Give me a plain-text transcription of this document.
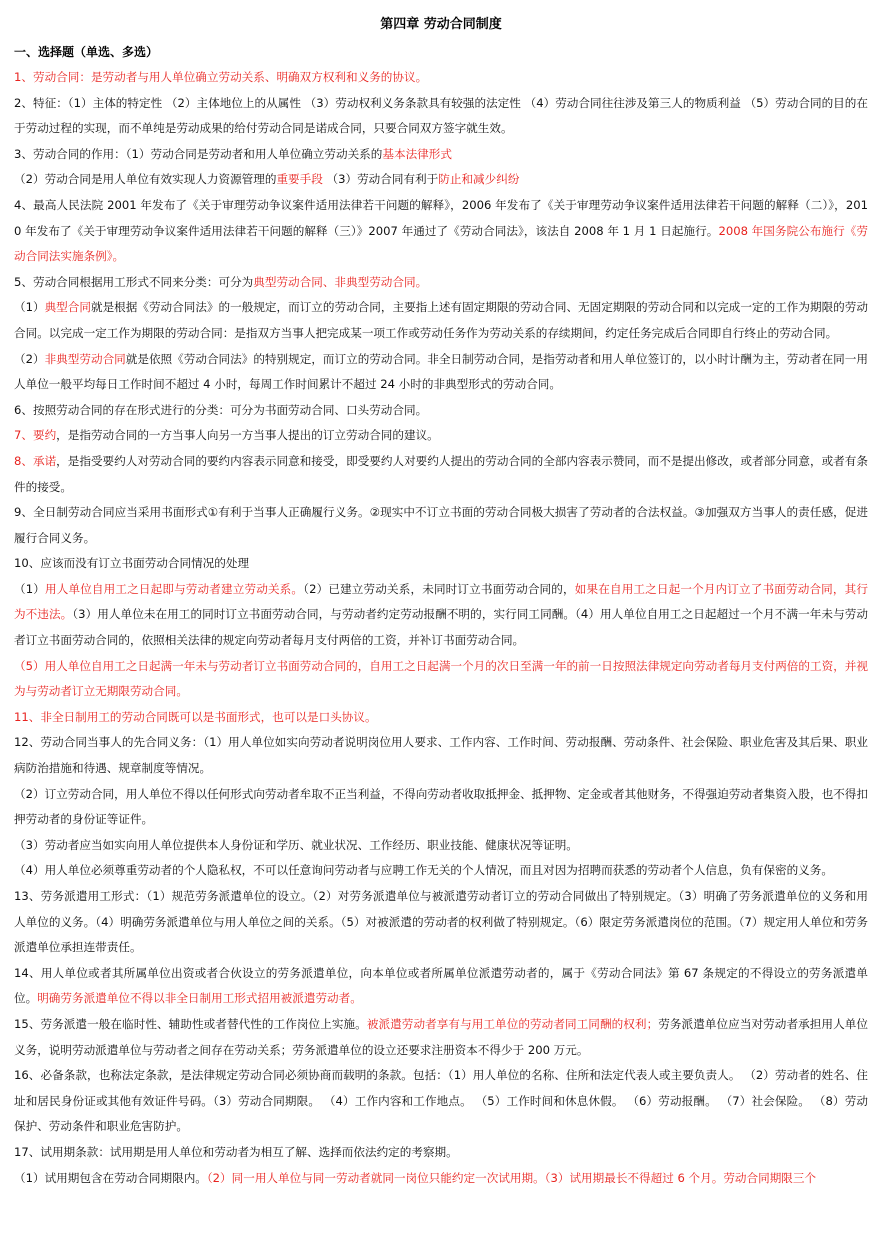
第四章 劳动合同制度
一、选择题（单选、多选）

1、劳动合同：是劳动者与用人单位确立劳动关系、明确双方权利和义务的协议。

2、特征：（1）主体的特定性 （2）主体地位上的从属性 （3）劳动权利义务条款具有较强的法定性 （4）劳动合同往往涉及第三人的物质利益 （5）劳动合同的目的在于劳动过程的实现，而不单纯是劳动成果的给付劳动合同是诺成合同，只要合同双方签字就生效。

3、劳动合同的作用：（1）劳动合同是劳动者和用人单位确立劳动关系的基本法律形式

（2）劳动合同是用人单位有效实现人力资源管理的重要手段 （3）劳动合同有利于防止和减少纠纷

4、最高人民法院 2001 年发布了《关于审理劳动争议案件适用法律若干问题的解释》，2006 年发布了《关于审理劳动争议案件适用法律若干问题的解释（二）》，2010 年发布了《关于审理劳动争议案件适用法律若干问题的解释（三）》2007 年通过了《劳动合同法》，该法自 2008 年 1 月 1 日起施行。2008 年国务院公布施行《劳动合同法实施条例》。

5、劳动合同根据用工形式不同来分类：可分为典型劳动合同、非典型劳动合同。

（1）典型合同就是根据《劳动合同法》的一般规定，而订立的劳动合同，主要指上述有固定期限的劳动合同、无固定期限的劳动合同和以完成一定的工作为期限的劳动合同。以完成一定工作为期限的劳动合同：是指双方当事人把完成某一项工作或劳动任务作为劳动关系的存续期间，约定任务完成后合同即自行终止的劳动合同。

（2）非典型劳动合同就是依照《劳动合同法》的特别规定，而订立的劳动合同。非全日制劳动合同，是指劳动者和用人单位签订的，以小时计酬为主，劳动者在同一用人单位一般平均每日工作时间不超过 4 小时，每周工作时间累计不超过 24 小时的非典型形式的劳动合同。

6、按照劳动合同的存在形式进行的分类：可分为书面劳动合同、口头劳动合同。

7、要约，是指劳动合同的一方当事人向另一方当事人提出的订立劳动合同的建议。

8、承诺，是指受要约人对劳动合同的要约内容表示同意和接受，即受要约人对要约人提出的劳动合同的全部内容表示赞同，而不是提出修改，或者部分同意，或者有条件的接受。

9、全日制劳动合同应当采用书面形式①有利于当事人正确履行义务。②现实中不订立书面的劳动合同极大损害了劳动者的合法权益。③加强双方当事人的责任感，促进履行合同义务。

10、应该而没有订立书面劳动合同情况的处理

（1）用人单位自用工之日起即与劳动者建立劳动关系。（2）已建立劳动关系，未同时订立书面劳动合同的，如果在自用工之日起一个月内订立了书面劳动合同，其行为不违法。（3）用人单位未在用工的同时订立书面劳动合同，与劳动者约定劳动报酬不明的，实行同工同酬。（4）用人单位自用工之日起超过一个月不满一年未与劳动者订立书面劳动合同的，依照相关法律的规定向劳动者每月支付两倍的工资，并补订书面劳动合同。

（5）用人单位自用工之日起满一年未与劳动者订立书面劳动合同的，自用工之日起满一个月的次日至满一年的前一日按照法律规定向劳动者每月支付两倍的工资，并视为与劳动者订立无期限劳动合同。

11、非全日制用工的劳动合同既可以是书面形式，也可以是口头协议。

12、劳动合同当事人的先合同义务：（1）用人单位如实向劳动者说明岗位用人要求、工作内容、工作时间、劳动报酬、劳动条件、社会保险、职业危害及其后果、职业病防治措施和待遇、规章制度等情况。

（2）订立劳动合同，用人单位不得以任何形式向劳动者牟取不正当利益，不得向劳动者收取抵押金、抵押物、定金或者其他财务，不得强迫劳动者集资入股，也不得扣押劳动者的身份证等证件。

（3）劳动者应当如实向用人单位提供本人身份证和学历、就业状况、工作经历、职业技能、健康状况等证明。

（4）用人单位必须尊重劳动者的个人隐私权，不可以任意询问劳动者与应聘工作无关的个人情况，而且对因为招聘而获悉的劳动者个人信息，负有保密的义务。

13、劳务派遣用工形式：（1）规范劳务派遣单位的设立。（2）对劳务派遣单位与被派遣劳动者订立的劳动合同做出了特别规定。（3）明确了劳务派遣单位的义务和用人单位的义务。（4）明确劳务派遣单位与用人单位之间的关系。（5）对被派遣的劳动者的权利做了特别规定。（6）限定劳务派遣岗位的范围。（7）规定用人单位和劳务派遣单位承担连带责任。

14、用人单位或者其所属单位出资或者合伙设立的劳务派遣单位，向本单位或者所属单位派遣劳动者的，属于《劳动合同法》第 67 条规定的不得设立的劳务派遣单位。明确劳务派遣单位不得以非全日制用工形式招用被派遣劳动者。

15、劳务派遣一般在临时性、辅助性或者替代性的工作岗位上实施。被派遣劳动者享有与用工单位的劳动者同工同酬的权利；劳务派遣单位应当对劳动者承担用人单位义务，说明劳动派遣单位与劳动者之间存在劳动关系；劳务派遣单位的设立还要求注册资本不得少于 200 万元。

16、必备条款，也称法定条款，是法律规定劳动合同必须协商而载明的条款。包括：（1）用人单位的名称、住所和法定代表人或主要负责人。 （2）劳动者的姓名、住址和居民身份证或其他有效证件号码。（3）劳动合同期限。 （4）工作内容和工作地点。 （5）工作时间和休息休假。 （6）劳动报酬。 （7）社会保险。 （8）劳动保护、劳动条件和职业危害防护。

17、试用期条款：试用期是用人单位和劳动者为相互了解、选择而依法约定的考察期。

（1）试用期包含在劳动合同期限内。（2）同一用人单位与同一劳动者就同一岗位只能约定一次试用期。（3）试用期最长不得超过 6 个月。劳动合同期限三个
